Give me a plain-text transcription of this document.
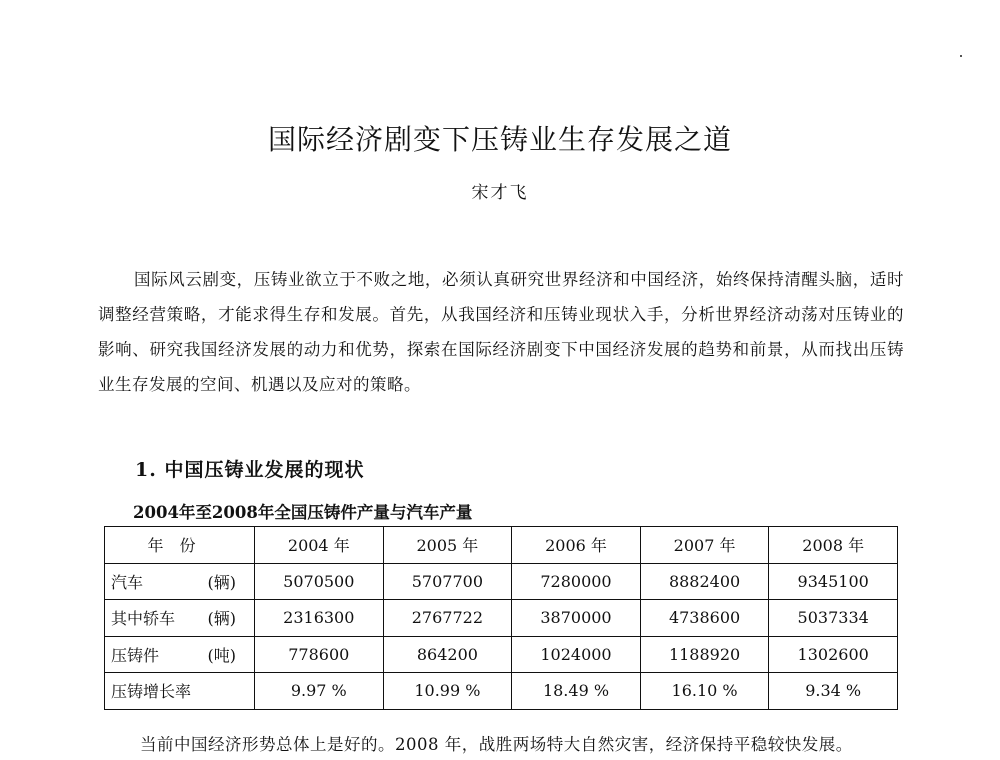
国际经济剧变下压铸业生存发展之道
宋才飞
国际风云剧变，压铸业欲立于不败之地，必须认真研究世界经济和中国经济，始终保持清醒头脑，适时调整经营策略，才能求得生存和发展。首先，从我国经济和压铸业现状入手，分析世界经济动荡对压铸业的影响、研究我国经济发展的动力和优势，探索在国际经济剧变下中国经济发展的趋势和前景，从而找出压铸业生存发展的空间、机遇以及应对的策略。
1. 中国压铸业发展的现状
2004年至2008年全国压铸件产量与汽车产量
年份	2004 年	2005 年	2006 年	2007 年	2008 年

汽车 (辆)	5070500	5707700	7280000	8882400	9345100

其中轿车 (辆)	2316300	2767722	3870000	4738600	5037334

压铸件 (吨)	778600	864200	1024000	1188920	1302600

压铸增长率	9.97 %	10.99 %	18.49 %	16.10 %	9.34 %
当前中国经济形势总体上是好的。2008 年，战胜两场特大自然灾害，经济保持平稳较快发展。
